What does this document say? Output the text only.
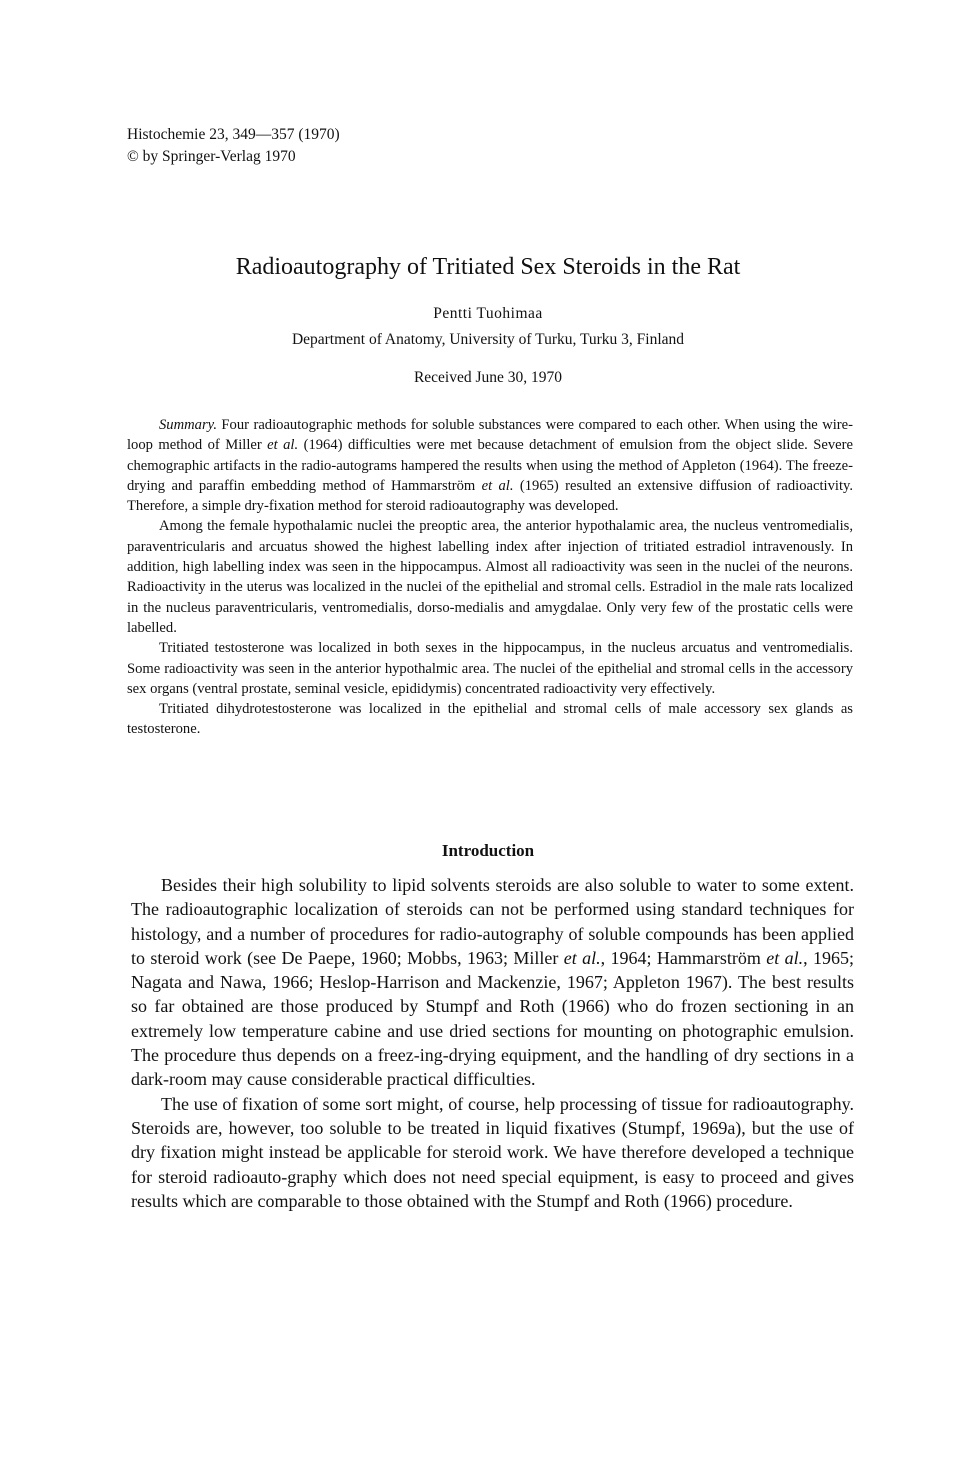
Histochemie 23, 349—357 (1970)
© by Springer-Verlag 1970
Radioautography of Tritiated Sex Steroids in the Rat
Pentti Tuohimaa
Department of Anatomy, University of Turku, Turku 3, Finland
Received June 30, 1970

Summary. Four radioautographic methods for soluble substances were compared to each other. When using the wire-loop method of Miller et al. (1964) difficulties were met because detachment of emulsion from the object slide. Severe chemographic artifacts in the radio-autograms hampered the results when using the method of Appleton (1964). The freeze-drying and paraffin embedding method of Hammarström et al. (1965) resulted an extensive diffusion of radioactivity. Therefore, a simple dry-fixation method for steroid radioautography was developed.

Among the female hypothalamic nuclei the preoptic area, the anterior hypothalamic area, the nucleus ventromedialis, paraventricularis and arcuatus showed the highest labelling index after injection of tritiated estradiol intravenously. In addition, high labelling index was seen in the hippocampus. Almost all radioactivity was seen in the nuclei of the neurons. Radioactivity in the uterus was localized in the nuclei of the epithelial and stromal cells. Estradiol in the male rats localized in the nucleus paraventricularis, ventromedialis, dorso-medialis and amygdalae. Only very few of the prostatic cells were labelled.

Tritiated testosterone was localized in both sexes in the hippocampus, in the nucleus arcuatus and ventromedialis. Some radioactivity was seen in the anterior hypothalmic area. The nuclei of the epithelial and stromal cells in the accessory sex organs (ventral prostate, seminal vesicle, epididymis) concentrated radioactivity very effectively.

Tritiated dihydrotestosterone was localized in the epithelial and stromal cells of male accessory sex glands as testosterone.

Introduction

Besides their high solubility to lipid solvents steroids are also soluble to water to some extent. The radioautographic localization of steroids can not be performed using standard techniques for histology, and a number of procedures for radio-autography of soluble compounds has been applied to steroid work (see De Paepe, 1960; Mobbs, 1963; Miller et al., 1964; Hammarström et al., 1965; Nagata and Nawa, 1966; Heslop-Harrison and Mackenzie, 1967; Appleton 1967). The best results so far obtained are those produced by Stumpf and Roth (1966) who do frozen sectioning in an extremely low temperature cabine and use dried sections for mounting on photographic emulsion. The procedure thus depends on a freez-ing-drying equipment, and the handling of dry sections in a dark-room may cause considerable practical difficulties.

The use of fixation of some sort might, of course, help processing of tissue for radioautography. Steroids are, however, too soluble to be treated in liquid fixatives (Stumpf, 1969a), but the use of dry fixation might instead be applicable for steroid work. We have therefore developed a technique for steroid radioauto-graphy which does not need special equipment, is easy to proceed and gives results which are comparable to those obtained with the Stumpf and Roth (1966) procedure.
